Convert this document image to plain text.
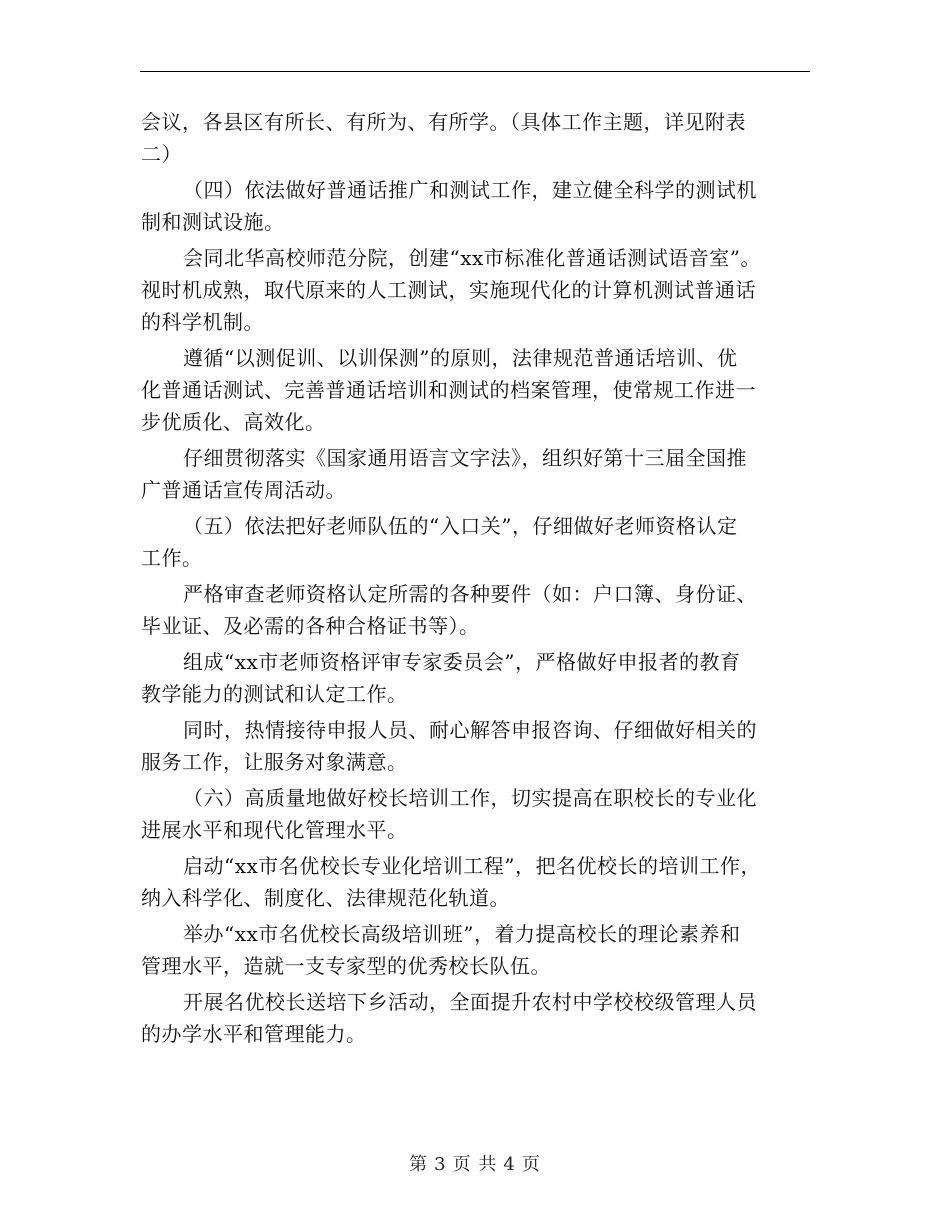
会议，各县区有所长、有所为、有所学。（具体工作主题，详见附表
二）
（四）依法做好普通话推广和测试工作，建立健全科学的测试机
制和测试设施。
会同北华高校师范分院，创建“xx市标准化普通话测试语音室”。
视时机成熟，取代原来的人工测试，实施现代化的计算机测试普通话
的科学机制。
遵循“以测促训、以训保测”的原则，法律规范普通话培训、优
化普通话测试、完善普通话培训和测试的档案管理，使常规工作进一
步优质化、高效化。
仔细贯彻落实《国家通用语言文字法》，组织好第十三届全国推
广普通话宣传周活动。
（五）依法把好老师队伍的“入口关”，仔细做好老师资格认定
工作。
严格审查老师资格认定所需的各种要件（如：户口簿、身份证、
毕业证、及必需的各种合格证书等）。
组成“xx市老师资格评审专家委员会”，严格做好申报者的教育
教学能力的测试和认定工作。
同时，热情接待申报人员、耐心解答申报咨询、仔细做好相关的
服务工作，让服务对象满意。
（六）高质量地做好校长培训工作，切实提高在职校长的专业化
进展水平和现代化管理水平。
启动“xx市名优校长专业化培训工程”，把名优校长的培训工作，
纳入科学化、制度化、法律规范化轨道。
举办“xx市名优校长高级培训班”，着力提高校长的理论素养和
管理水平，造就一支专家型的优秀校长队伍。
开展名优校长送培下乡活动，全面提升农村中学校校级管理人员
的办学水平和管理能力。
第 3 页 共 4 页
